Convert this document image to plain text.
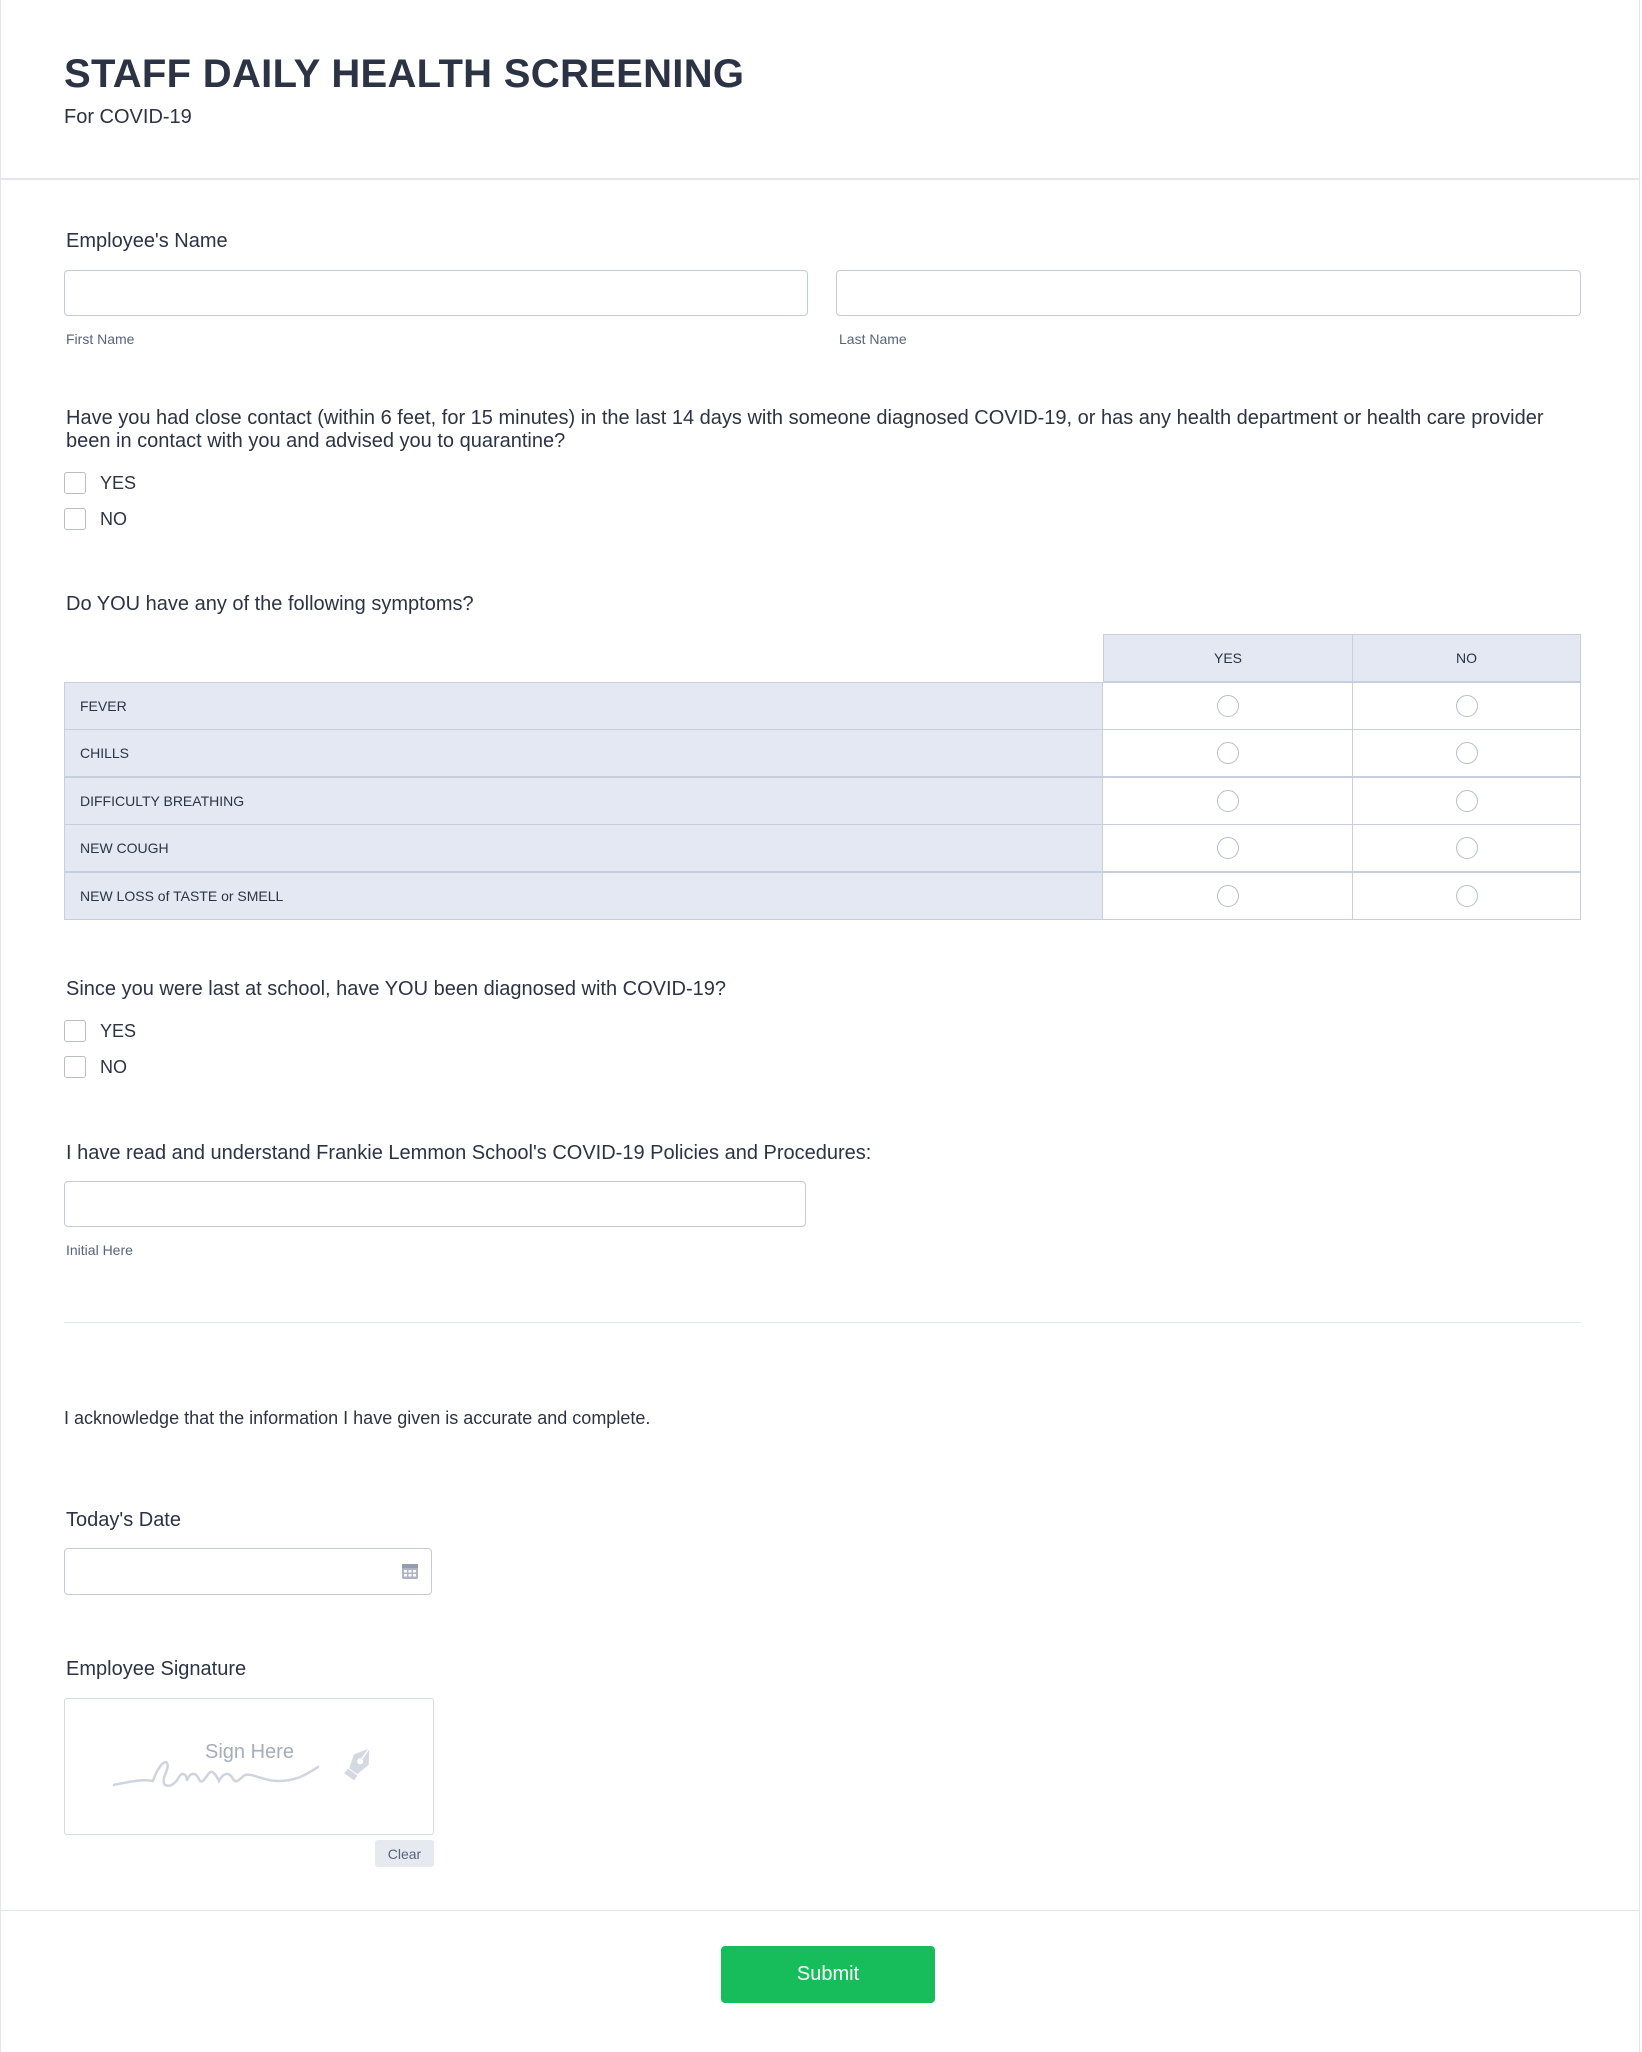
STAFF DAILY HEALTH SCREENING
For COVID-19
Employee's Name
First Name	Last Name
Have you had close contact (within 6 feet, for 15 minutes) in the last 14 days with someone diagnosed COVID-19, or has any health department or health care provider been in contact with you and advised you to quarantine?
YES
NO
Do YOU have any of the following symptoms?
YES	NO
FEVER
CHILLS
DIFFICULTY BREATHING
NEW COUGH
NEW LOSS of TASTE or SMELL
Since you were last at school, have YOU been diagnosed with COVID-19?
YES
NO
I have read and understand Frankie Lemmon School's COVID-19 Policies and Procedures:
Initial Here
I acknowledge that the information I have given is accurate and complete.
Today's Date
Employee Signature
Sign Here
Clear
Submit
